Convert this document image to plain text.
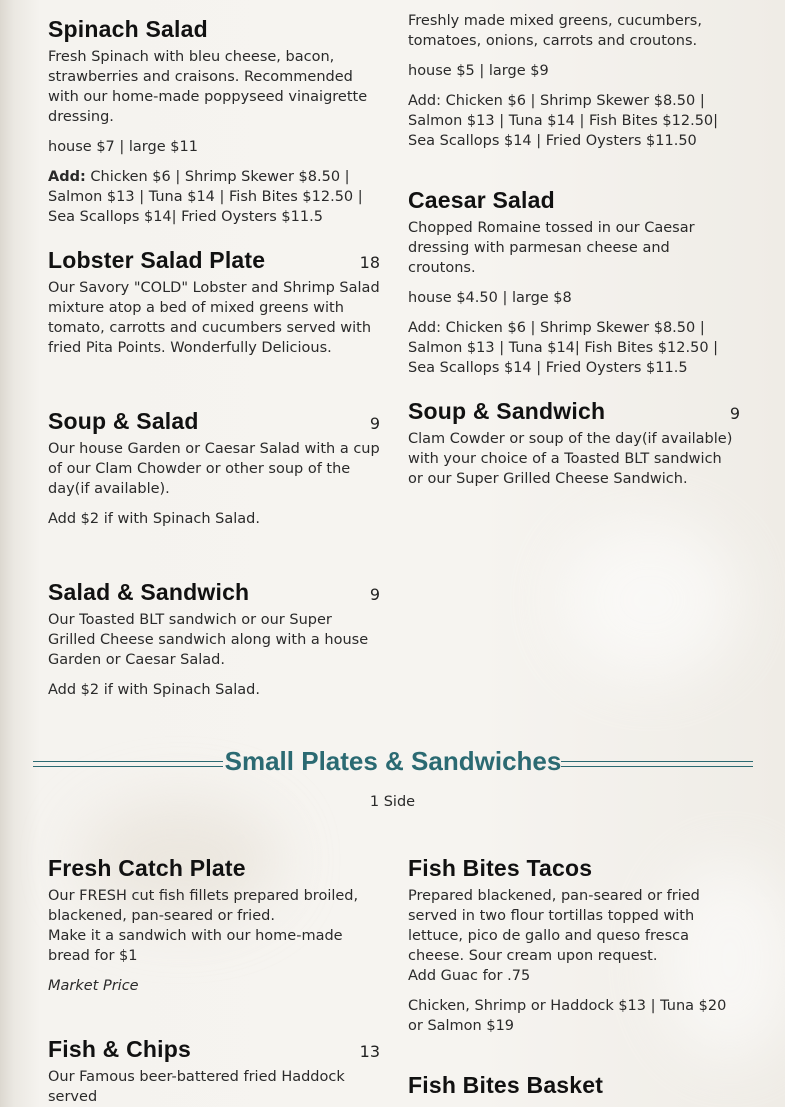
Spinach Salad

Fresh Spinach with bleu cheese, bacon, strawberries and craisons. Recommended with our home-made poppyseed vinaigrette dressing.

house $7 | large $11

Add: Chicken $6 | Shrimp Skewer $8.50 | Salmon $13 | Tuna $14 | Fish Bites $12.50 | Sea Scallops $14| Fried Oysters $11.5

Lobster Salad Plate	18

Our Savory "COLD" Lobster and Shrimp Salad mixture atop a bed of mixed greens with tomato, carrotts and cucumbers served with fried Pita Points. Wonderfully Delicious.

Soup & Salad	9

Our house Garden or Caesar Salad with a cup of our Clam Chowder or other soup of the day(if available).

Add $2 if with Spinach Salad.

Salad & Sandwich	9

Our Toasted BLT sandwich or our Super Grilled Cheese sandwich along with a house Garden or Caesar Salad.

Add $2 if with Spinach Salad.

Freshly made mixed greens, cucumbers, tomatoes, onions, carrots and croutons.

house $5 | large $9

Add: Chicken $6 | Shrimp Skewer $8.50 | Salmon $13 | Tuna $14 | Fish Bites $12.50| Sea Scallops $14 | Fried Oysters $11.50

Caesar Salad

Chopped Romaine tossed in our Caesar dressing with parmesan cheese and croutons.

house $4.50 | large $8

Add: Chicken $6 | Shrimp Skewer $8.50 | Salmon $13 | Tuna $14| Fish Bites $12.50 | Sea Scallops $14 | Fried Oysters $11.5

Soup & Sandwich	9

Clam Cowder or soup of the day(if available) with your choice of a Toasted BLT sandwich or our Super Grilled Cheese Sandwich.

Small Plates & Sandwiches
1 Side
Fresh Catch Plate

Our FRESH cut fish fillets prepared broiled, blackened, pan-seared or fried.

Make it a sandwich with our home-made bread for $1

Market Price

Fish & Chips	13

Our Famous beer-battered fried Haddock served

Fish Bites Tacos

Prepared blackened, pan-seared or fried served in two flour tortillas topped with lettuce, pico de gallo and queso fresca cheese. Sour cream upon request.

Add Guac for .75

Chicken, Shrimp or Haddock $13 | Tuna $20 or Salmon $19

Fish Bites Basket
